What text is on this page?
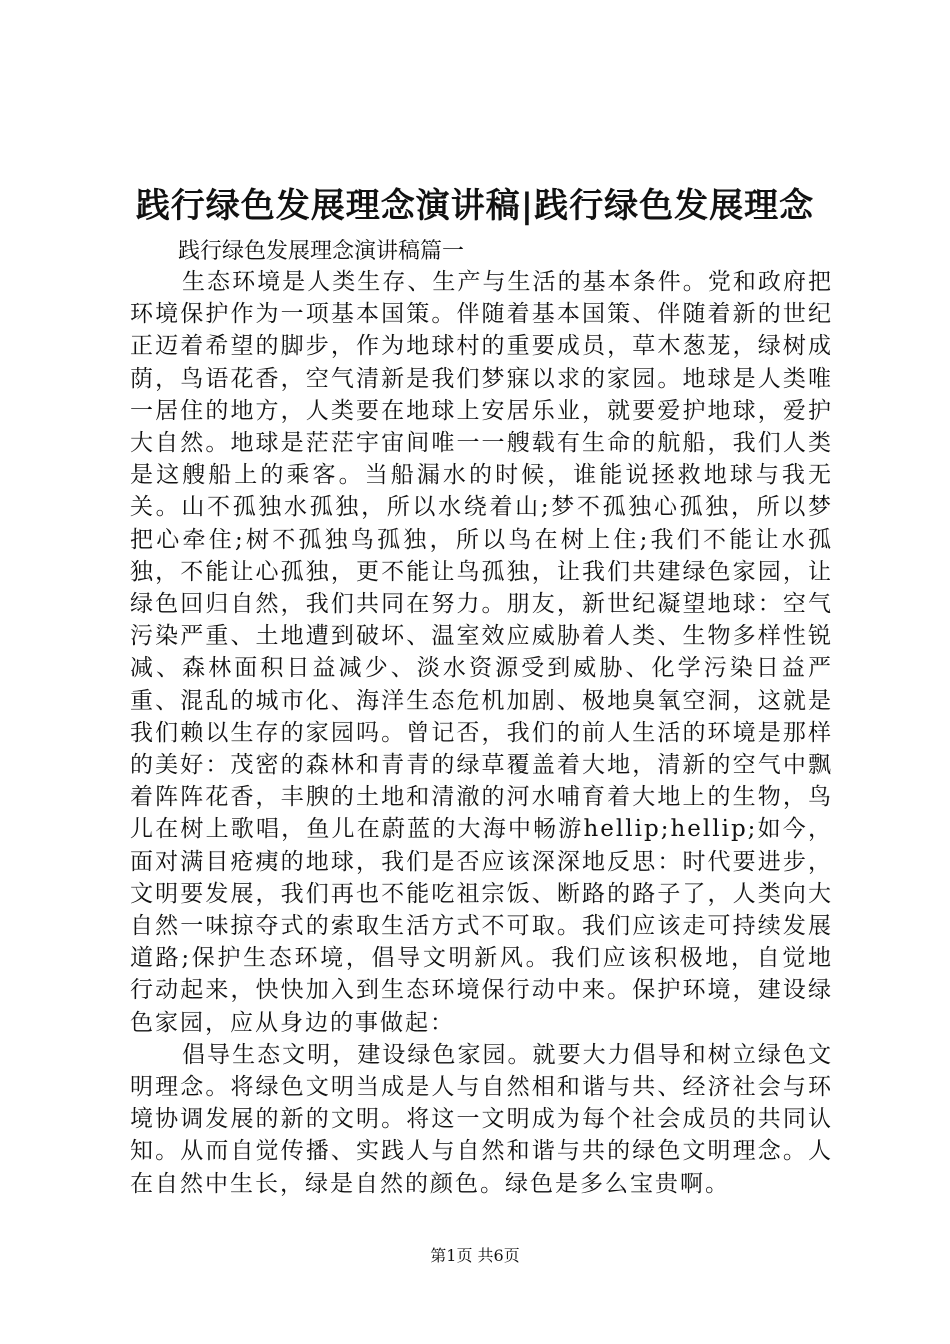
践行绿色发展理念演讲稿|践行绿色发展理念
践行绿色发展理念演讲稿篇一

生态环境是人类生存、生产与生活的基本条件。党和政府把环境保护作为一项基本国策。伴随着基本国策、伴随着新的世纪正迈着希望的脚步，作为地球村的重要成员，草木葱茏，绿树成荫，鸟语花香，空气清新是我们梦寐以求的家园。地球是人类唯一居住的地方，人类要在地球上安居乐业，就要爱护地球，爱护大自然。地球是茫茫宇宙间唯一一艘载有生命的航船，我们人类是这艘船上的乘客。当船漏水的时候，谁能说拯救地球与我无关。山不孤独水孤独，所以水绕着山;梦不孤独心孤独，所以梦把心牵住;树不孤独鸟孤独，所以鸟在树上住;我们不能让水孤独，不能让心孤独，更不能让鸟孤独，让我们共建绿色家园，让绿色回归自然，我们共同在努力。朋友，新世纪凝望地球：空气污染严重、土地遭到破坏、温室效应威胁着人类、生物多样性锐减、森林面积日益减少、淡水资源受到威胁、化学污染日益严重、混乱的城市化、海洋生态危机加剧、极地臭氧空洞，这就是我们赖以生存的家园吗。曾记否，我们的前人生活的环境是那样的美好：茂密的森林和青青的绿草覆盖着大地，清新的空气中飘着阵阵花香，丰腴的土地和清澈的河水哺育着大地上的生物，鸟儿在树上歌唱，鱼儿在蔚蓝的大海中畅游hellip;hellip;如今，面对满目疮痍的地球，我们是否应该深深地反思：时代要进步，文明要发展，我们再也不能吃祖宗饭、断路的路子了，人类向大自然一味掠夺式的索取生活方式不可取。我们应该走可持续发展道路;保护生态环境，倡导文明新风。我们应该积极地，自觉地行动起来，快快加入到生态环境保行动中来。保护环境，建设绿色家园，应从身边的事做起：

倡导生态文明，建设绿色家园。就要大力倡导和树立绿色文明理念。将绿色文明当成是人与自然相和谐与共、经济社会与环境协调发展的新的文明。将这一文明成为每个社会成员的共同认知。从而自觉传播、实践人与自然和谐与共的绿色文明理念。人在自然中生长，绿是自然的颜色。绿色是多么宝贵啊。

第1页 共6页
